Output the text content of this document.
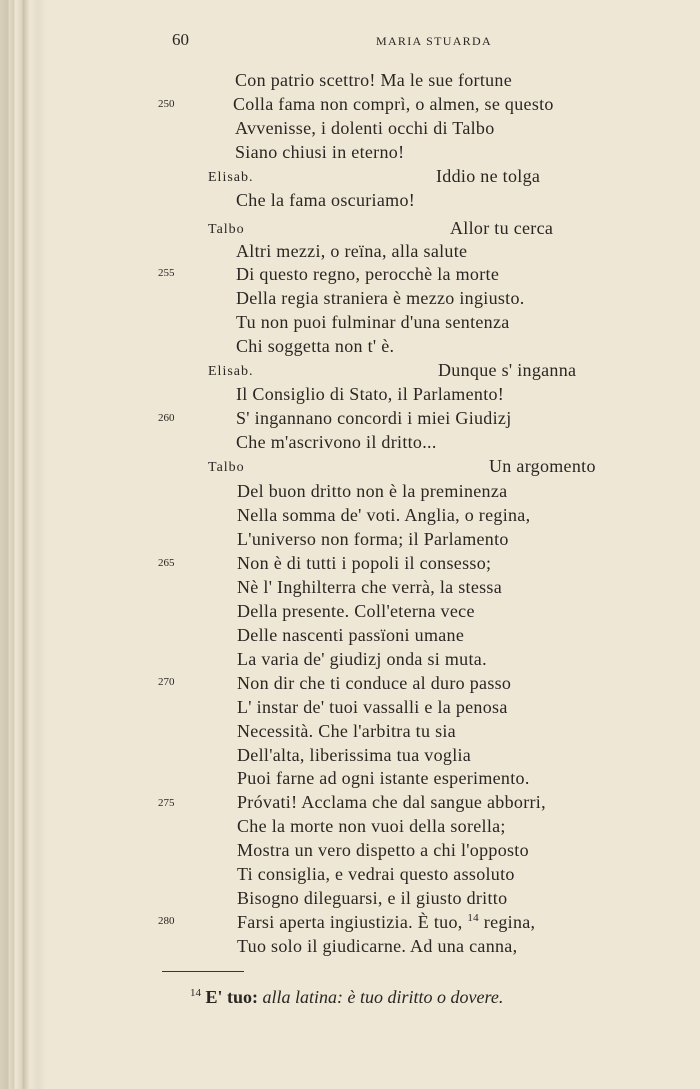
60	MARIA STUARDA
250
255
260
265
270
275
280
Con patrio scettro! Ma le sue fortune
Colla fama non comprì, o almen, se questo
Avvenisse, i dolenti occhi di Talbo
Siano chiusi in eterno!
Elisab.	Iddio ne tolga
Che la fama oscuriamo!
Talbo	Allor tu cerca
Altri mezzi, o reïna, alla salute
Di questo regno, perocchè la morte
Della regia straniera è mezzo ingiusto.
Tu non puoi fulminar d'una sentenza
Chi soggetta non t' è.
Elisab.	Dunque s' inganna
Il Consiglio di Stato, il Parlamento!
S' ingannano concordi i miei Giudizj
Che m'ascrivono il dritto...
Talbo	Un argomento
Del buon dritto non è la preminenza
Nella somma de' voti. Anglia, o regina,
L'universo non forma; il Parlamento
Non è di tutti i popoli il consesso;
Nè l' Inghilterra che verrà, la stessa
Della presente. Coll'eterna vece
Delle nascenti passïoni umane
La varia de' giudizj onda si muta.
Non dir che ti conduce al duro passo
L' instar de' tuoi vassalli e la penosa
Necessità. Che l'arbitra tu sia
Dell'alta, liberissima tua voglia
Puoi farne ad ogni istante esperimento.
Próvati! Acclama che dal sangue abborri,
Che la morte non vuoi della sorella;
Mostra un vero dispetto a chi l'opposto
Ti consiglia, e vedrai questo assoluto
Bisogno dileguarsi, e il giusto dritto
Farsi aperta ingiustizia. È tuo, $^{14}$ regina,
Tuo solo il giudicarne. Ad una canna,
$^{14}$ E' tuo: alla latina: è tuo diritto o dovere.
